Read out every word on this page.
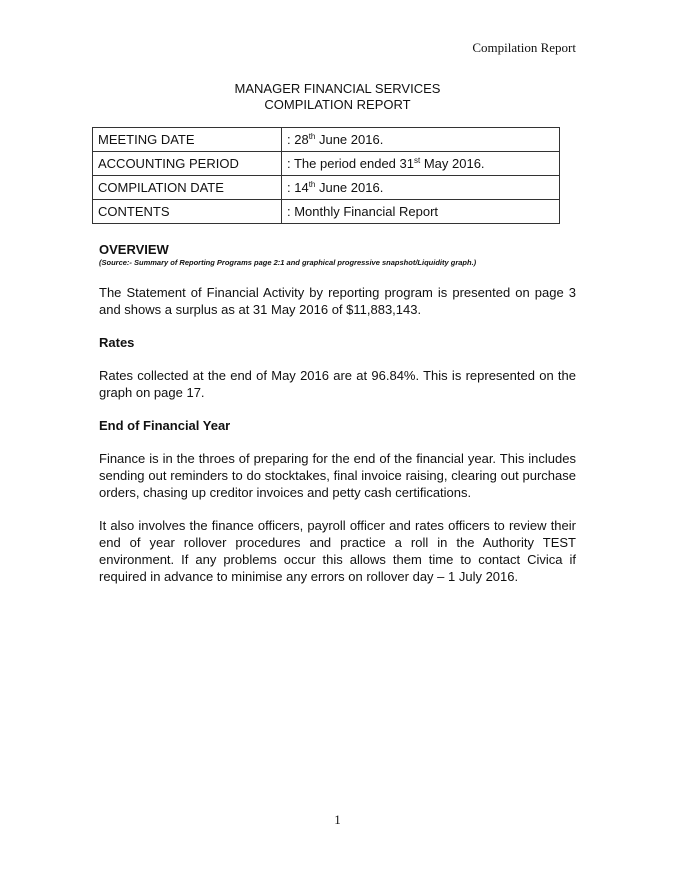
Compilation Report
MANAGER FINANCIAL SERVICES
COMPILATION REPORT
MEETING DATE	: 28th June 2016.
ACCOUNTING PERIOD	: The period ended 31st May 2016.
COMPILATION DATE	: 14th June 2016.
CONTENTS	: Monthly Financial Report
OVERVIEW
(Source:- Summary of Reporting Programs page 2:1 and graphical progressive snapshot/Liquidity graph.)

The Statement of Financial Activity by reporting program is presented on page 3 and shows a surplus as at 31 May 2016 of $11,883,143.

Rates

Rates collected at the end of May 2016 are at 96.84%. This is represented on the graph on page 17.

End of Financial Year

Finance is in the throes of preparing for the end of the financial year. This includes sending out reminders to do stocktakes, final invoice raising, clearing out purchase orders, chasing up creditor invoices and petty cash certifications.

It also involves the finance officers, payroll officer and rates officers to review their end of year rollover procedures and practice a roll in the Authority TEST environment. If any problems occur this allows them time to contact Civica if required in advance to minimise any errors on rollover day – 1 July 2016.

1
